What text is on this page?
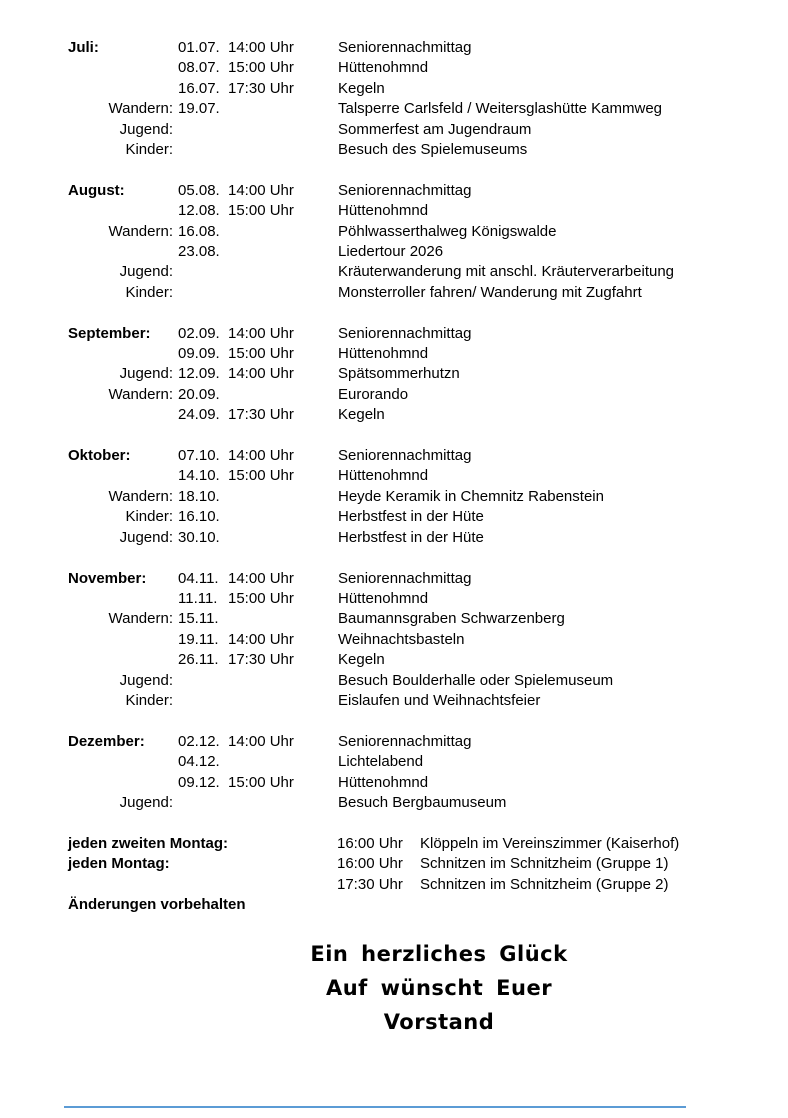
Juli:	01.07. 14:00 Uhr	Seniorennachmittag
08.07. 15:00 Uhr	Hüttenohmnd
16.07. 17:30 Uhr	Kegeln
Wandern: 19.07.	Talsperre Carlsfeld / Weitersglashütte Kammweg
Jugend:	Sommerfest am Jugendraum
Kinder:	Besuch des Spielemuseums
August:	05.08. 14:00 Uhr	Seniorennachmittag
12.08. 15:00 Uhr	Hüttenohmnd
Wandern: 16.08.	Pöhlwasserthalweg Königswalde
23.08.	Liedertour 2026
Jugend:	Kräuterwanderung mit anschl. Kräuterverarbeitung
Kinder:	Monsterroller fahren/ Wanderung mit Zugfahrt
September:	02.09. 14:00 Uhr	Seniorennachmittag
09.09. 15:00 Uhr	Hüttenohmnd
Jugend: 12.09. 14:00 Uhr	Spätsommerhutzn
Wandern: 20.09.	Eurorando
24.09. 17:30 Uhr	Kegeln
Oktober:	07.10. 14:00 Uhr	Seniorennachmittag
14.10. 15:00 Uhr	Hüttenohmnd
Wandern: 18.10.	Heyde Keramik in Chemnitz Rabenstein
Kinder: 16.10.	Herbstfest in der Hüte
Jugend: 30.10.	Herbstfest in der Hüte
November:	04.11. 14:00 Uhr	Seniorennachmittag
11.11. 15:00 Uhr	Hüttenohmnd
Wandern: 15.11.	Baumannsgraben Schwarzenberg
19.11. 14:00 Uhr	Weihnachtsbasteln
26.11. 17:30 Uhr	Kegeln
Jugend:	Besuch Boulderhalle oder Spielemuseum
Kinder:	Eislaufen und Weihnachtsfeier
Dezember:	02.12. 14:00 Uhr	Seniorennachmittag
04.12.	Lichtelabend
09.12. 15:00 Uhr	Hüttenohmnd
Jugend:	Besuch Bergbaumuseum
jeden zweiten Montag:	16:00 Uhr	Klöppeln im Vereinszimmer (Kaiserhof)
jeden Montag:	16:00 Uhr	Schnitzen im Schnitzheim (Gruppe 1)
17:30 Uhr	Schnitzen im Schnitzheim (Gruppe 2)
Änderungen vorbehalten
Ein herzliches Glück
Auf wünscht Euer
Vorstand
